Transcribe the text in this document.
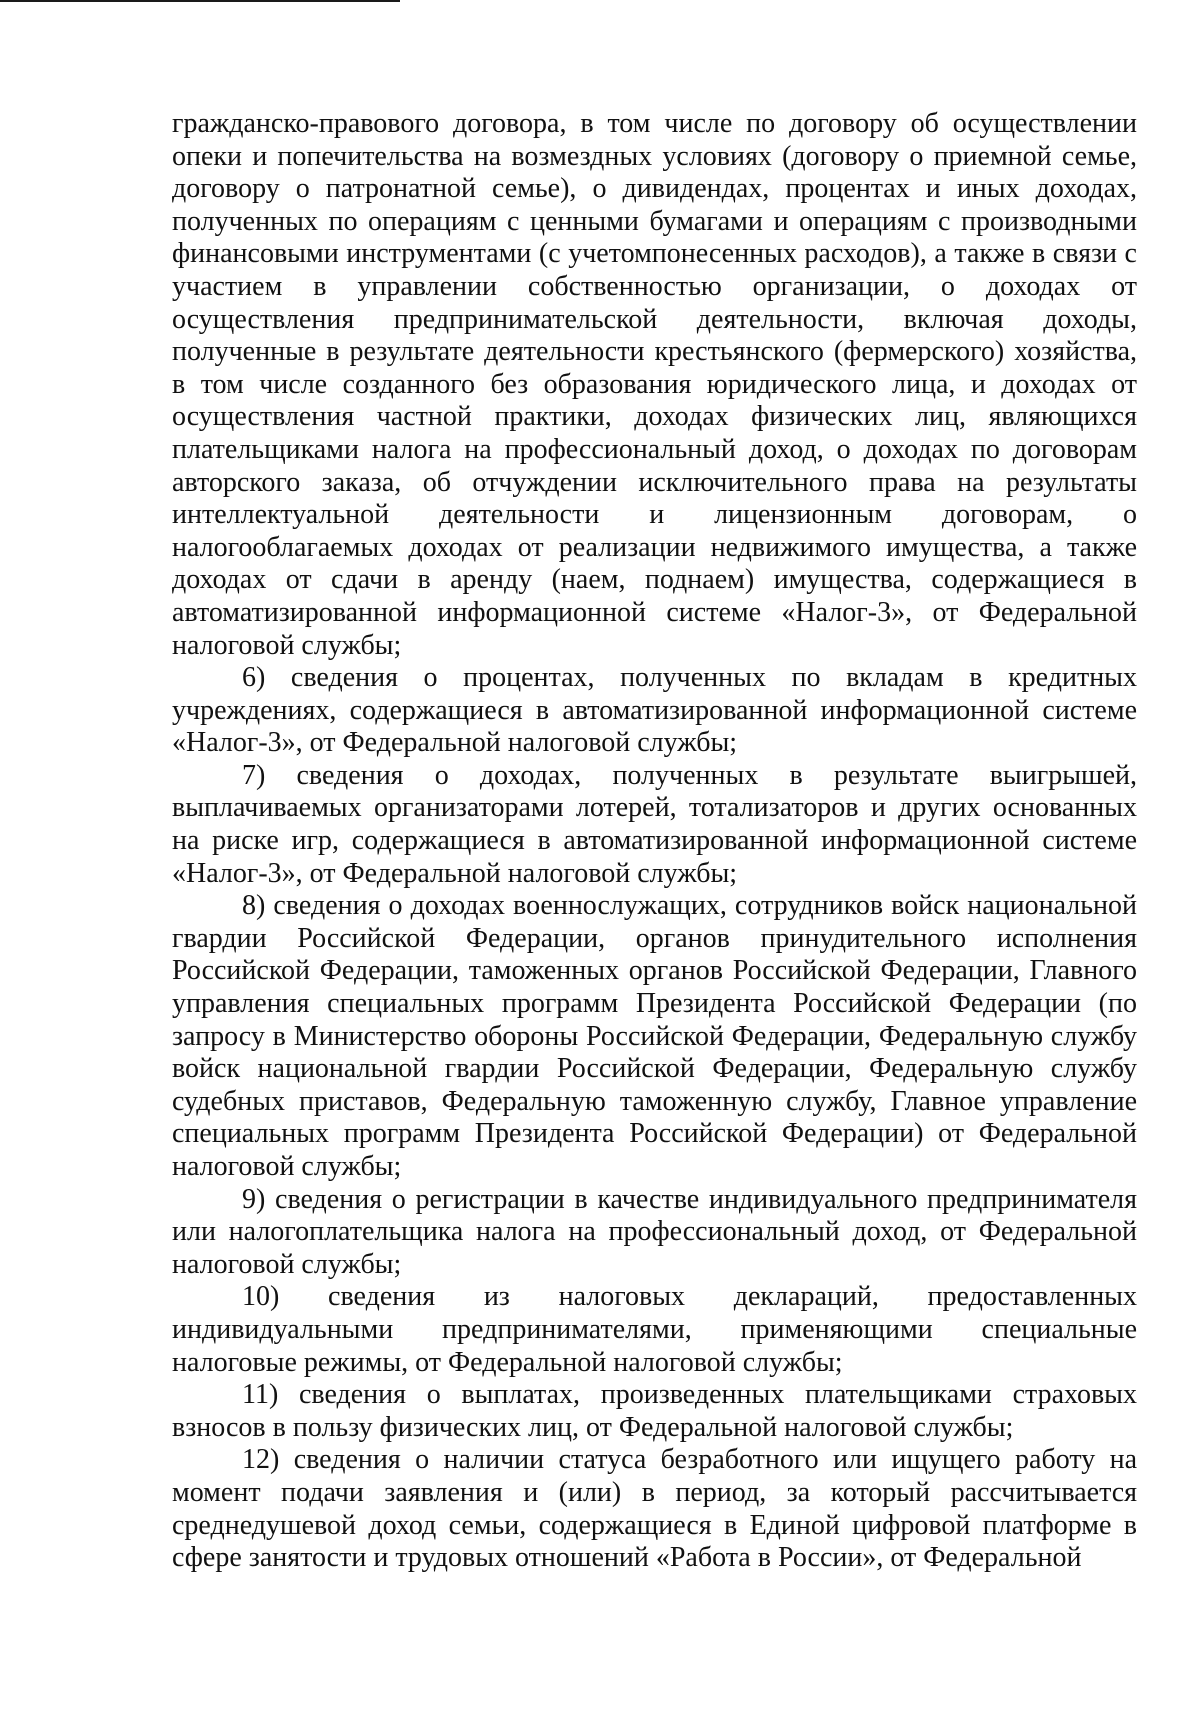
гражданско-правового договора, в том числе по договору об осуществлении опеки и попечительства на возмездных условиях (договору о приемной семье, договору о патронатной семье), о дивидендах, процентах и иных доходах, полученных по операциям с ценными бумагами и операциям с производными финансовыми инструментами (с учетомпонесенных расходов), а также в связи с участием в управлении собственностью организации, о доходах от осуществления предпринимательской деятельности, включая доходы, полученные в результате деятельности крестьянского (фермерского) хозяйства, в том числе созданного без образования юридического лица, и доходах от осуществления частной практики, доходах физических лиц, являющихся плательщиками налога на профессиональный доход, о доходах по договорам авторского заказа, об отчуждении исключительного права на результаты интеллектуальной деятельности и лицензионным договорам, о налогооблагаемых доходах от реализации недвижимого имущества, а также доходах от сдачи в аренду (наем, поднаем) имущества, содержащиеся в автоматизированной информационной системе «Налог-3», от Федеральной налоговой службы;

6) сведения о процентах, полученных по вкладам в кредитных учреждениях, содержащиеся в автоматизированной информационной системе «Налог-3», от Федеральной налоговой службы;

7) сведения о доходах, полученных в результате выигрышей, выплачиваемых организаторами лотерей, тотализаторов и других основанных на риске игр, содержащиеся в автоматизированной информационной системе «Налог-3», от Федеральной налоговой службы;

8) сведения о доходах военнослужащих, сотрудников войск национальной гвардии Российской Федерации, органов принудительного исполнения Российской Федерации, таможенных органов Российской Федерации, Главного управления специальных программ Президента Российской Федерации (по запросу в Министерство обороны Российской Федерации, Федеральную службу войск национальной гвардии Российской Федерации, Федеральную службу судебных приставов, Федеральную таможенную службу, Главное управление специальных программ Президента Российской Федерации) от Федеральной налоговой службы;

9) сведения о регистрации в качестве индивидуального предпринимателя или налогоплательщика налога на профессиональный доход, от Федеральной налоговой службы;

10) сведения из налоговых деклараций, предоставленных индивидуальными предпринимателями, применяющими специальные налоговые режимы, от Федеральной налоговой службы;

11) сведения о выплатах, произведенных плательщиками страховых взносов в пользу физических лиц, от Федеральной налоговой службы;

12) сведения о наличии статуса безработного или ищущего работу на момент подачи заявления и (или) в период, за который рассчитывается среднедушевой доход семьи, содержащиеся в Единой цифровой платформе в сфере занятости и трудовых отношений «Работа в России», от Федеральной
